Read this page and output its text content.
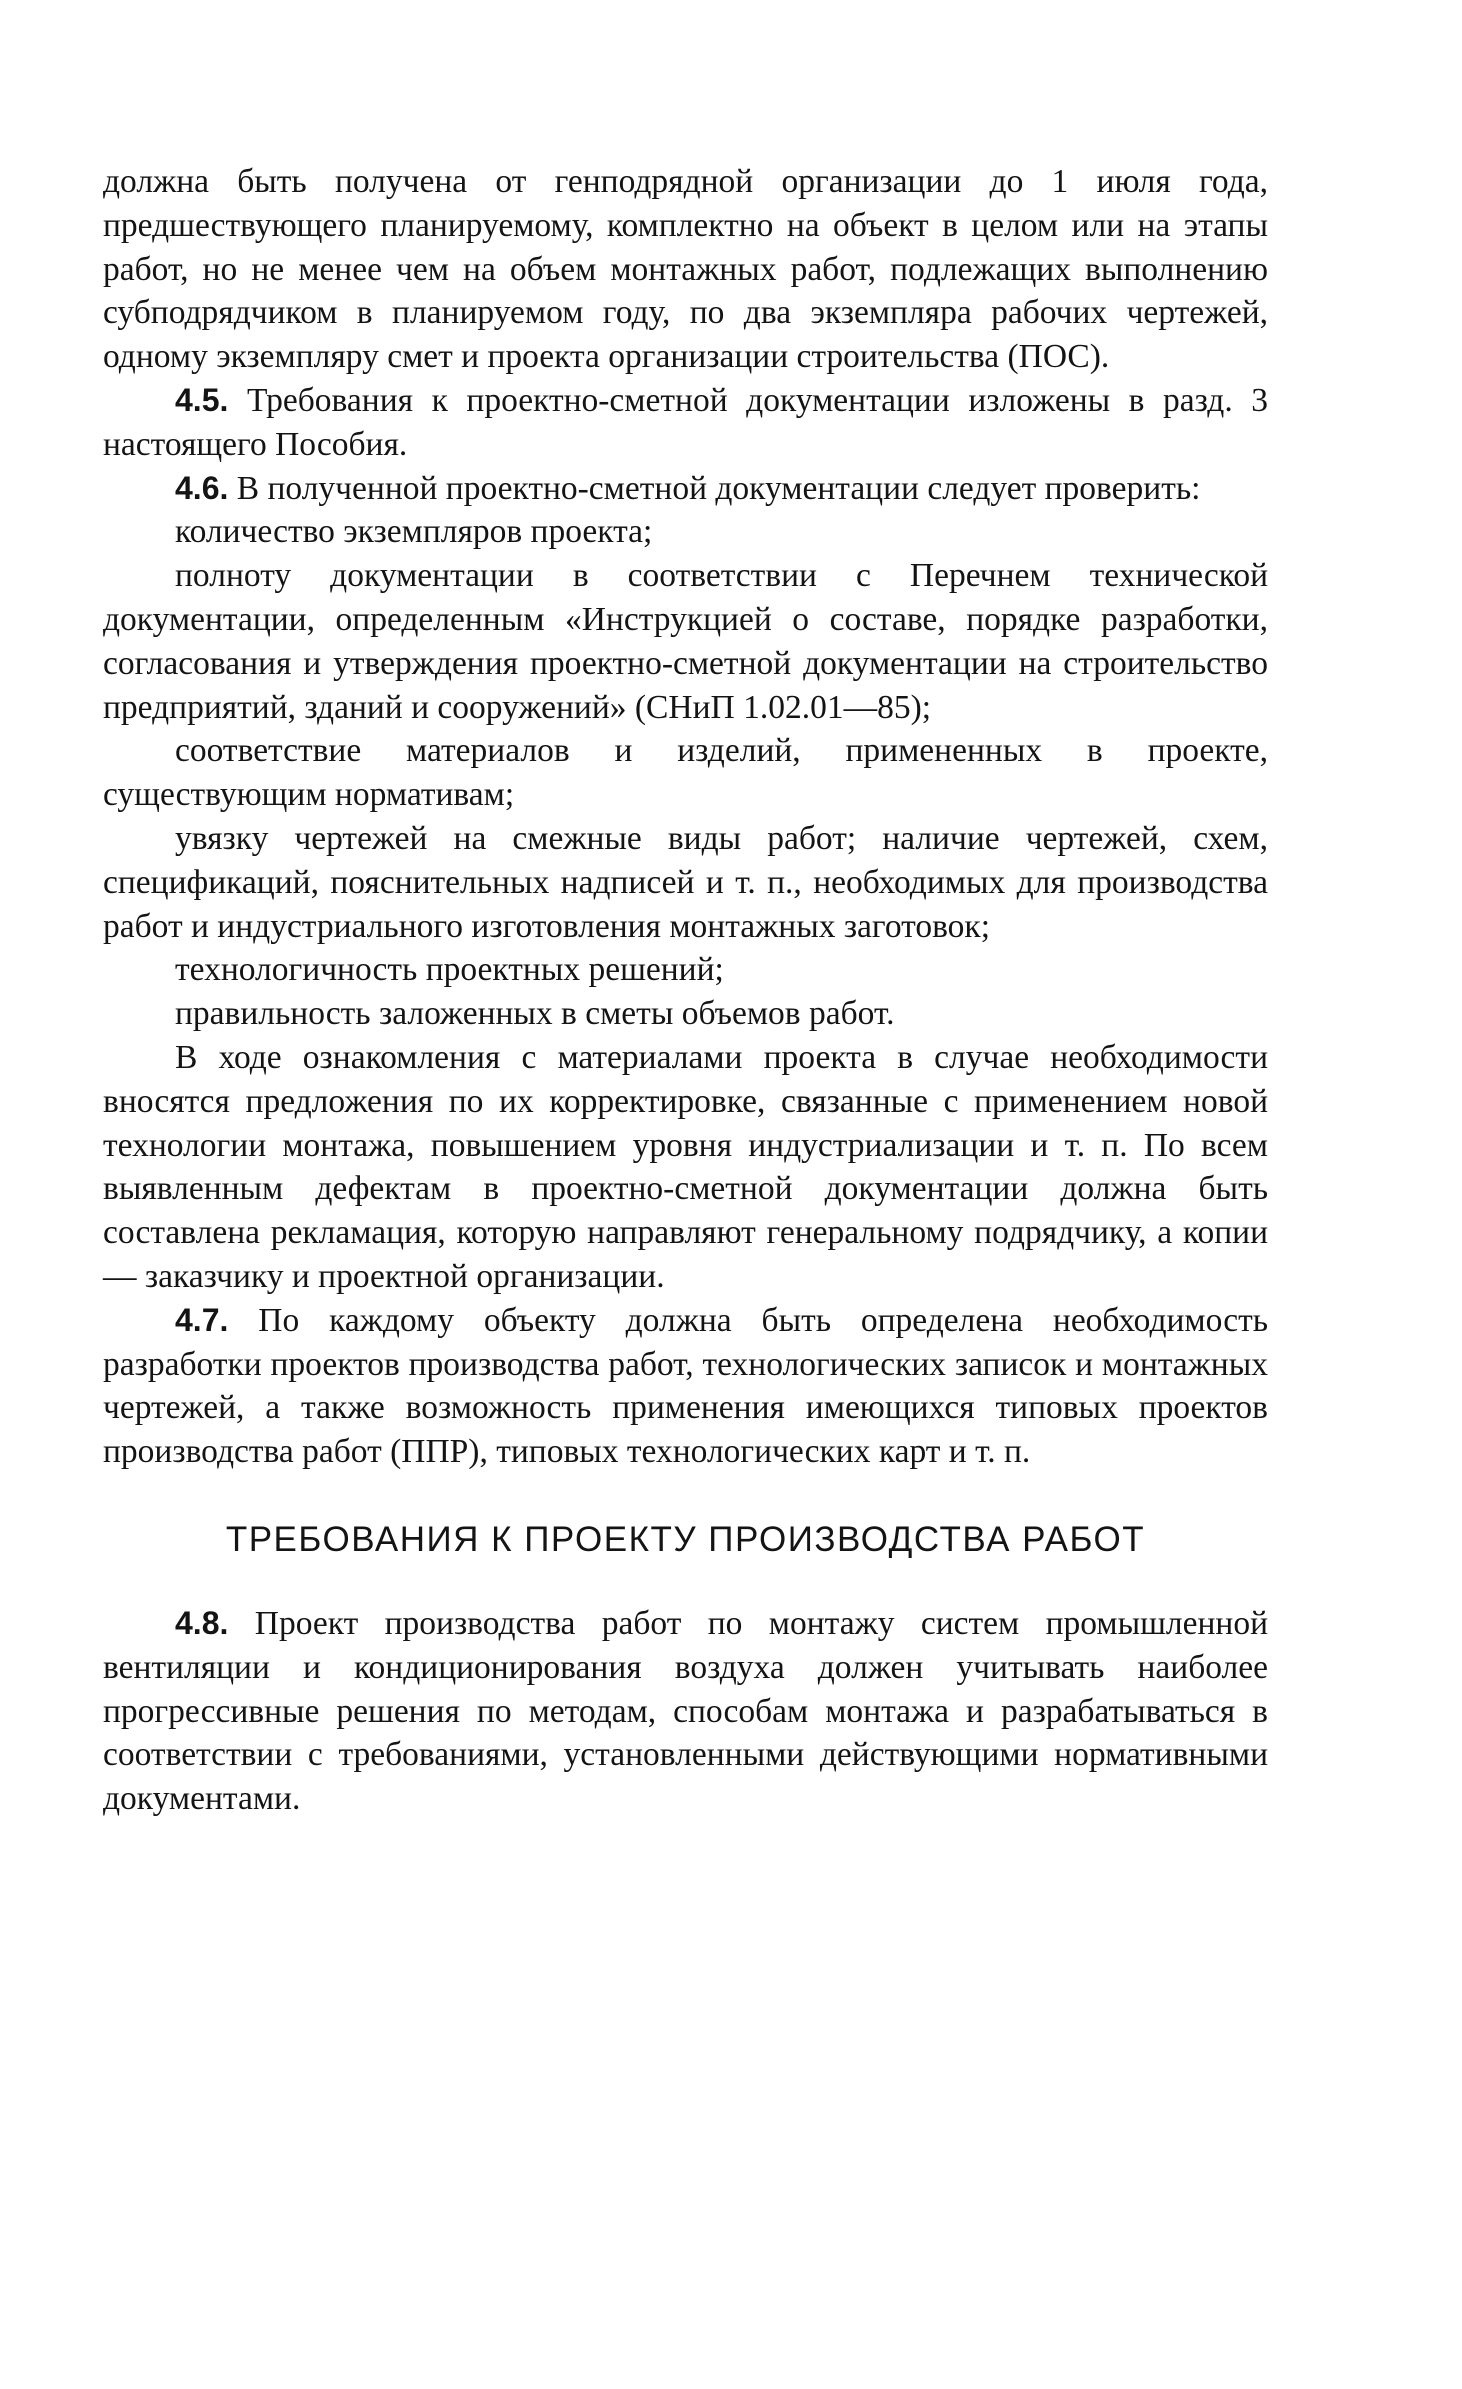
должна быть получена от генподрядной организации до 1 июля года, предшествующего планируемому, комплектно на объект в целом или на этапы работ, но не менее чем на объем монтажных работ, подлежащих выполнению субподрядчиком в планируемом году, по два экземпляра рабочих чертежей, одному экземпляру смет и проекта организации строительства (ПОС).

4.5. Требования к проектно-сметной документации изложены в разд. 3 настоящего Пособия.

4.6. В полученной проектно-сметной документации следует проверить:

количество экземпляров проекта;

полноту документации в соответствии с Перечнем технической документации, определенным «Инструкцией о составе, порядке разработки, согласования и утверждения проектно-сметной документации на строительство предприятий, зданий и сооружений» (СНиП 1.02.01—85);

соответствие материалов и изделий, примененных в проекте, существующим нормативам;

увязку чертежей на смежные виды работ; наличие чертежей, схем, спецификаций, пояснительных надписей и т. п., необходимых для производства работ и индустриального изготовления монтажных заготовок;

технологичность проектных решений;

правильность заложенных в сметы объемов работ.

В ходе ознакомления с материалами проекта в случае необходимости вносятся предложения по их корректировке, связанные с применением новой технологии монтажа, повышением уровня индустриализации и т. п. По всем выявленным дефектам в проектно-сметной документации должна быть составлена рекламация, которую направляют генеральному подрядчику, а копии — заказчику и проектной организации.

4.7. По каждому объекту должна быть определена необходимость разработки проектов производства работ, технологических записок и монтажных чертежей, а также возможность применения имеющихся типовых проектов производства работ (ППР), типовых технологических карт и т. п.

ТРЕБОВАНИЯ К ПРОЕКТУ ПРОИЗВОДСТВА РАБОТ

4.8. Проект производства работ по монтажу систем промышленной вентиляции и кондиционирования воздуха должен учитывать наиболее прогрессивные решения по методам, способам монтажа и разрабатываться в соответствии с требованиями, установленными действующими нормативными документами.
